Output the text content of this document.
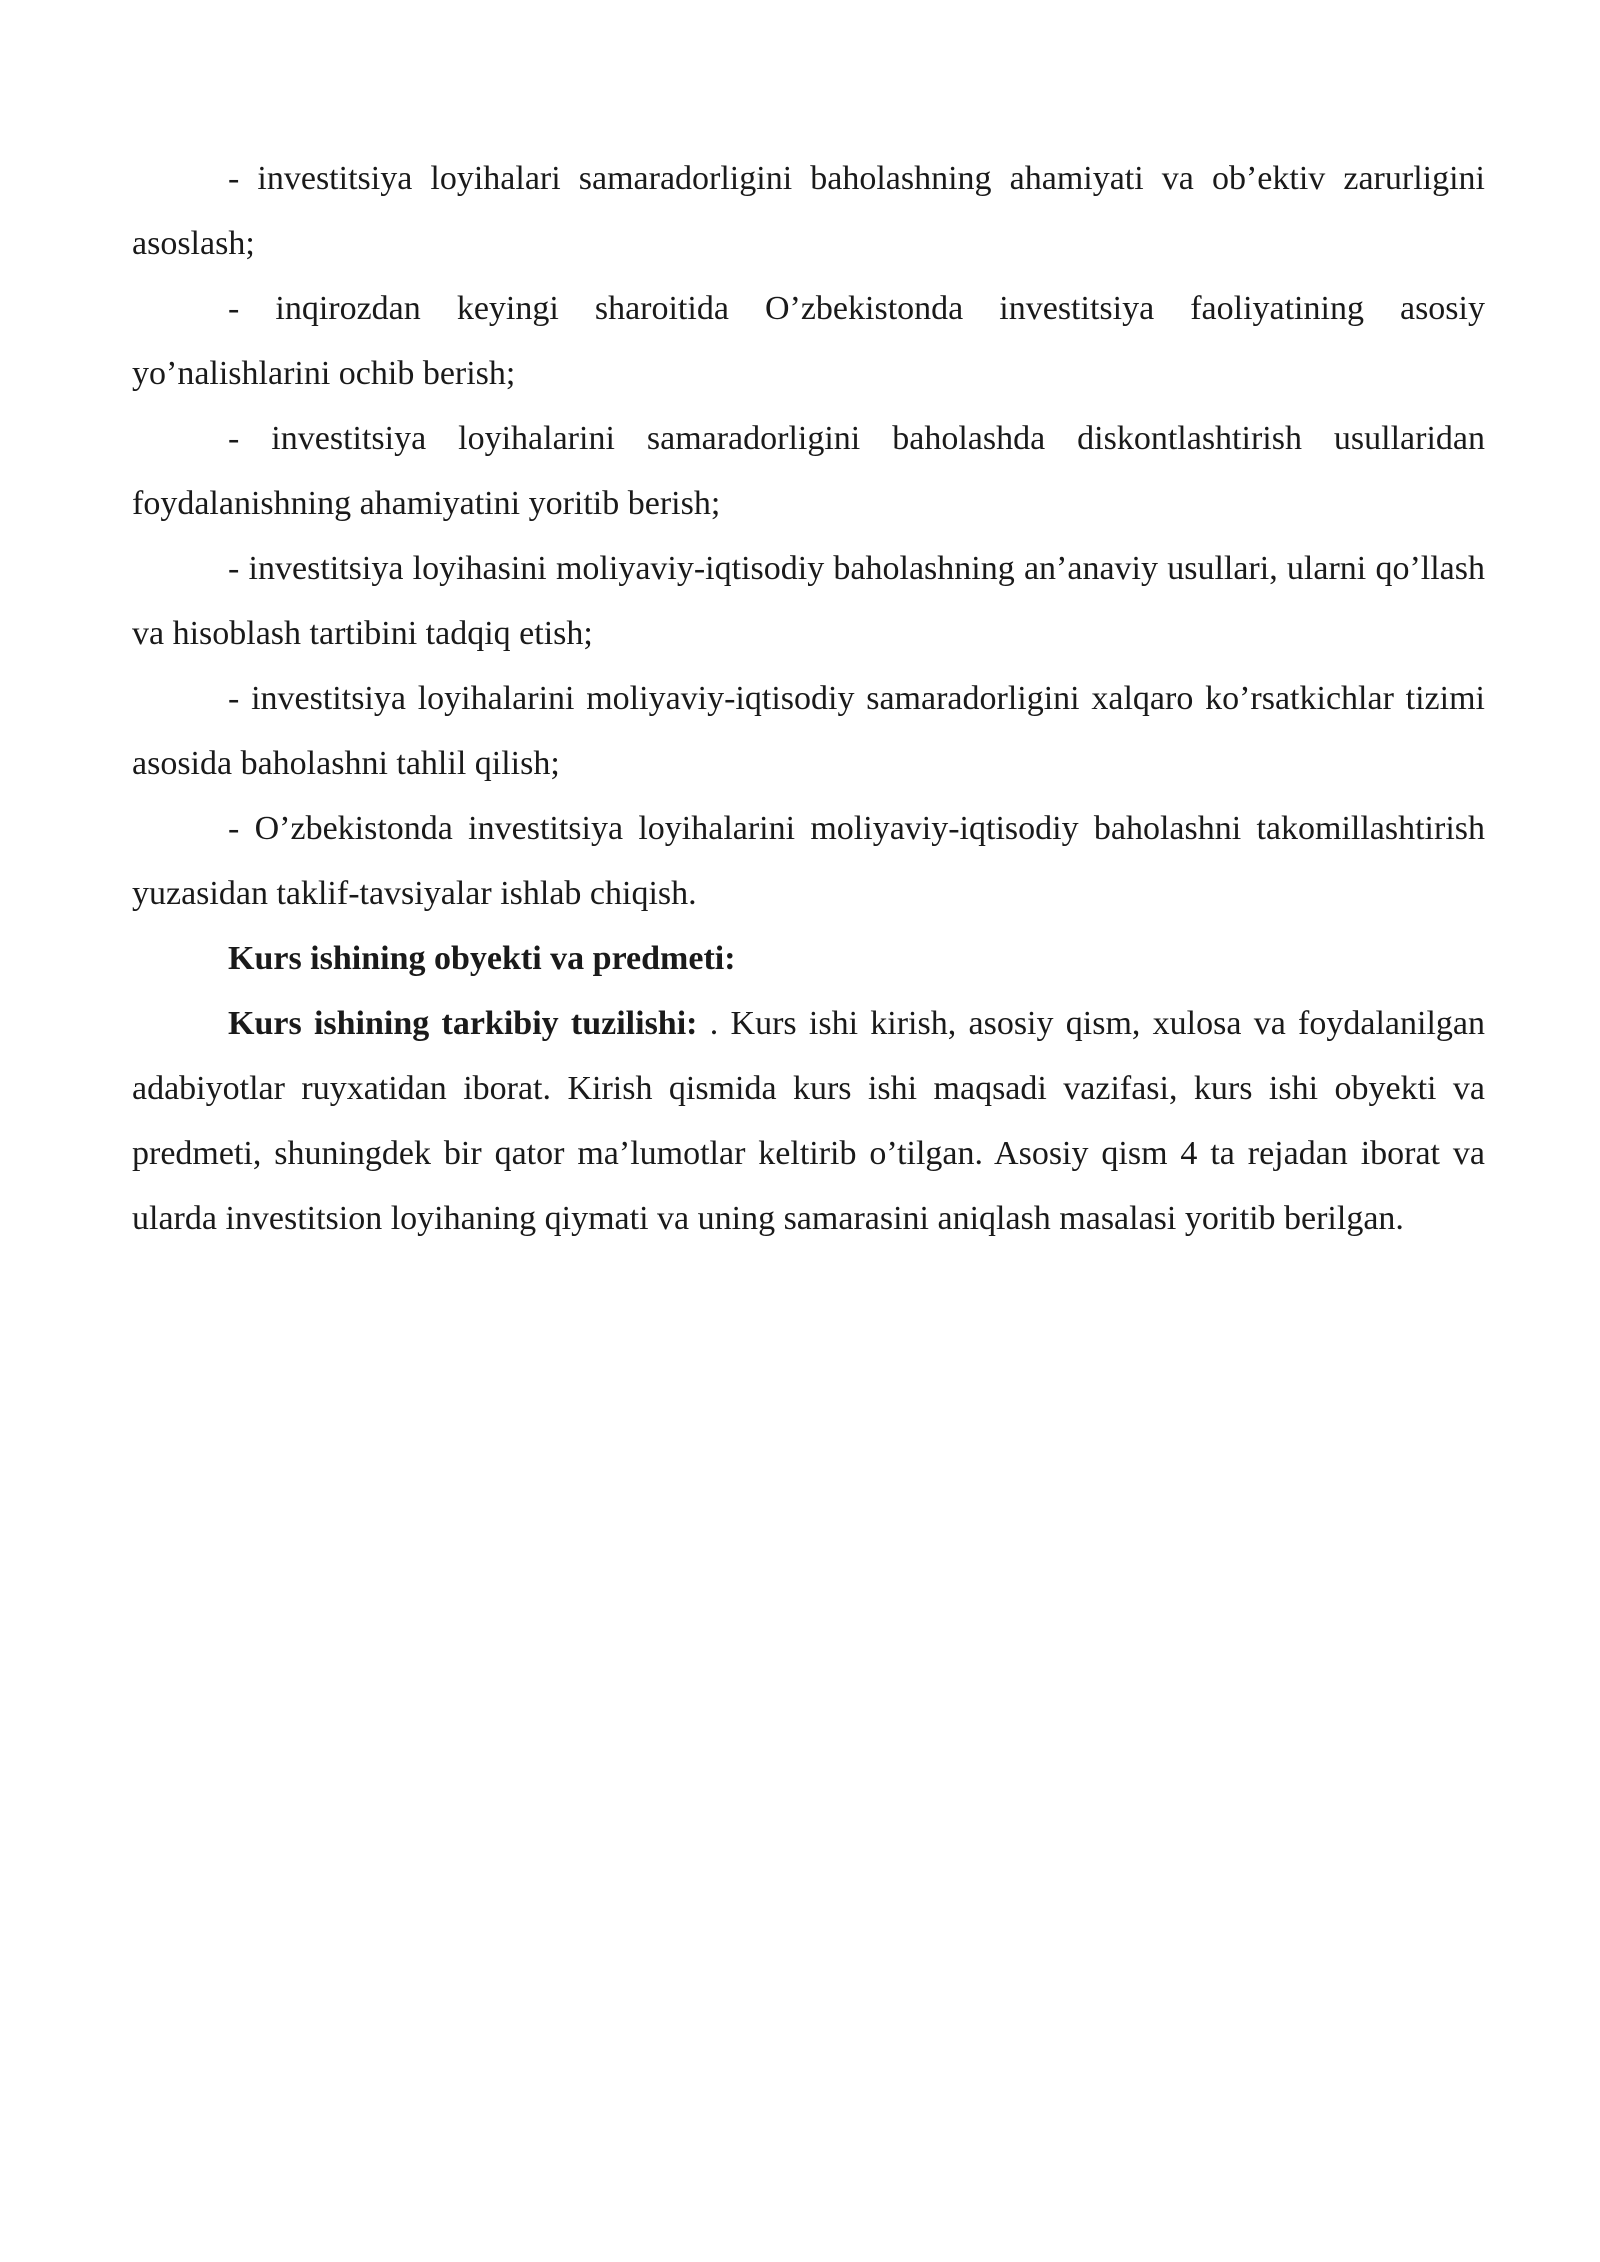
- investitsiya loyihalari samaradorligini baholashning ahamiyati va ob’ektiv zarurligini asoslash;

- inqirozdan keyingi sharoitida O’zbekistonda investitsiya faoliyatining asosiy yo’nalishlarini ochib berish;

- investitsiya loyihalarini samaradorligini baholashda diskontlashtirish usullaridan foydalanishning ahamiyatini yoritib berish;

- investitsiya loyihasini moliyaviy-iqtisodiy baholashning an’anaviy usullari, ularni qo’llash va hisoblash tartibini tadqiq etish;

- investitsiya loyihalarini moliyaviy-iqtisodiy samaradorligini xalqaro ko’rsatkichlar tizimi asosida baholashni tahlil qilish;

- O’zbekistonda investitsiya loyihalarini moliyaviy-iqtisodiy baholashni takomillashtirish yuzasidan taklif-tavsiyalar ishlab chiqish.

Kurs ishining obyekti va predmeti:

Kurs ishining tarkibiy tuzilishi: . Kurs ishi kirish, asosiy qism, xulosa va foydalanilgan adabiyotlar ruyxatidan iborat. Kirish qismida kurs ishi maqsadi vazifasi, kurs ishi obyekti va predmeti, shuningdek bir qator ma’lumotlar keltirib o’tilgan. Asosiy qism 4 ta rejadan iborat va ularda investitsion loyihaning qiymati va uning samarasini aniqlash masalasi yoritib berilgan.
